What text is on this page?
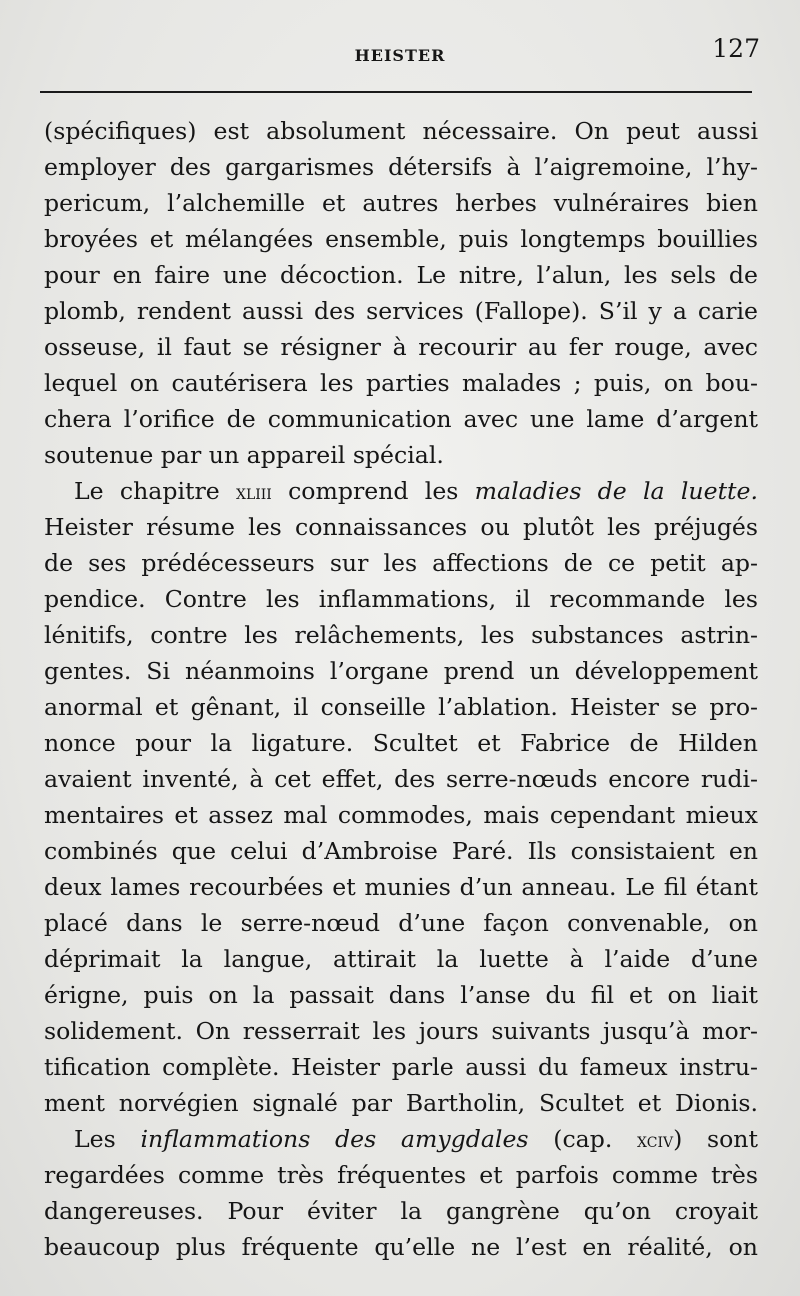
HEISTER	127
(spécifiques) est absolument nécessaire. On peut aussi
employer des gargarismes détersifs à l’aigremoine, l’hy-
pericum, l’alchemille et autres herbes vulnéraires bien
broyées et mélangées ensemble, puis longtemps bouillies
pour en faire une décoction. Le nitre, l’alun, les sels de
plomb, rendent aussi des services (Fallope). S’il y a carie
osseuse, il faut se résigner à recourir au fer rouge, avec
lequel on cautérisera les parties malades ; puis, on bou-
chera l’orifice de communication avec une lame d’argent
soutenue par un appareil spécial.
Le chapitre xliii comprend les maladies de la luette.
Heister résume les connaissances ou plutôt les préjugés
de ses prédécesseurs sur les affections de ce petit ap-
pendice. Contre les inflammations, il recommande les
lénitifs, contre les relâchements, les substances astrin-
gentes. Si néanmoins l’organe prend un développement
anormal et gênant, il conseille l’ablation. Heister se pro-
nonce pour la ligature. Scultet et Fabrice de Hilden
avaient inventé, à cet effet, des serre-nœuds encore rudi-
mentaires et assez mal commodes, mais cependant mieux
combinés que celui d’Ambroise Paré. Ils consistaient en
deux lames recourbées et munies d’un anneau. Le fil étant
placé dans le serre-nœud d’une façon convenable, on
déprimait la langue, attirait la luette à l’aide d’une
érigne, puis on la passait dans l’anse du fil et on liait
solidement. On resserrait les jours suivants jusqu’à mor-
tification complète. Heister parle aussi du fameux instru-
ment norvégien signalé par Bartholin, Scultet et Dionis.
Les inflammations des amygdales (cap. xciv) sont
regardées comme très fréquentes et parfois comme très
dangereuses. Pour éviter la gangrène qu’on croyait
beaucoup plus fréquente qu’elle ne l’est en réalité, on
